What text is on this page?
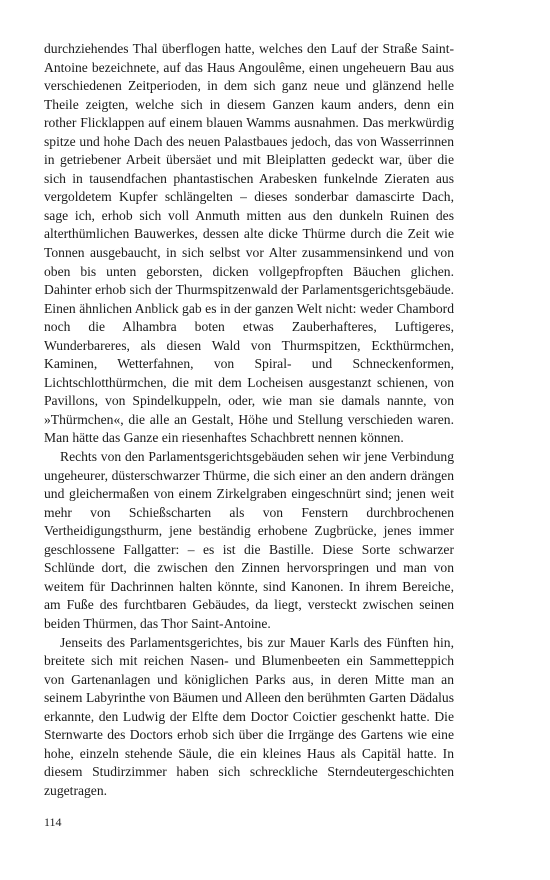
durchziehendes Thal überflogen hatte, welches den Lauf der Straße Saint-Antoine bezeichnete, auf das Haus Angoulême, einen ungeheuern Bau aus verschiedenen Zeitperioden, in dem sich ganz neue und glänzend helle Theile zeigten, welche sich in diesem Ganzen kaum anders, denn ein rother Flicklappen auf einem blauen Wamms ausnahmen. Das merkwürdig spitze und hohe Dach des neuen Palastbaues jedoch, das von Wasserrinnen in getriebener Arbeit übersäet und mit Bleiplatten gedeckt war, über die sich in tausendfachen phantastischen Arabesken funkelnde Zieraten aus vergoldetem Kupfer schlängelten – dieses sonderbar damascirte Dach, sage ich, erhob sich voll Anmuth mitten aus den dunkeln Ruinen des alterthümlichen Bauwerkes, dessen alte dicke Thürme durch die Zeit wie Tonnen ausgebaucht, in sich selbst vor Alter zusammensinkend und von oben bis unten geborsten, dicken vollgepfropften Bäuchen glichen. Dahinter erhob sich der Thurmspitzenwald der Parlamentsgerichtsgebäude. Einen ähnlichen Anblick gab es in der ganzen Welt nicht: weder Chambord noch die Alhambra boten etwas Zauberhafteres, Luftigeres, Wunderbareres, als diesen Wald von Thurmspitzen, Eckthürmchen, Kaminen, Wetterfahnen, von Spiral- und Schneckenformen, Lichtschlotthürmchen, die mit dem Locheisen ausgestanzt schienen, von Pavillons, von Spindelkuppeln, oder, wie man sie damals nannte, von »Thürmchen«, die alle an Gestalt, Höhe und Stellung verschieden waren. Man hätte das Ganze ein riesenhaftes Schachbrett nennen können.

Rechts von den Parlamentsgerichtsgebäuden sehen wir jene Verbindung ungeheurer, düsterschwarzer Thürme, die sich einer an den andern drängen und gleichermaßen von einem Zirkelgraben eingeschnürt sind; jenen weit mehr von Schießscharten als von Fenstern durchbrochenen Vertheidigungsthurm, jene beständig erhobene Zugbrücke, jenes immer geschlossene Fallgatter: – es ist die Bastille. Diese Sorte schwarzer Schlünde dort, die zwischen den Zinnen hervorspringen und man von weitem für Dachrinnen halten könnte, sind Kanonen. In ihrem Bereiche, am Fuße des furchtbaren Gebäudes, da liegt, versteckt zwischen seinen beiden Thürmen, das Thor Saint-Antoine.

Jenseits des Parlamentsgerichtes, bis zur Mauer Karls des Fünften hin, breitete sich mit reichen Nasen- und Blumenbeeten ein Sammetteppich von Gartenanlagen und königlichen Parks aus, in deren Mitte man an seinem Labyrinthe von Bäumen und Alleen den berühmten Garten Dädalus erkannte, den Ludwig der Elfte dem Doctor Coictier geschenkt hatte. Die Sternwarte des Doctors erhob sich über die Irrgänge des Gartens wie eine hohe, einzeln stehende Säule, die ein kleines Haus als Capitäl hatte. In diesem Studirzimmer haben sich schreckliche Sterndeutergeschichten zugetragen.

114
